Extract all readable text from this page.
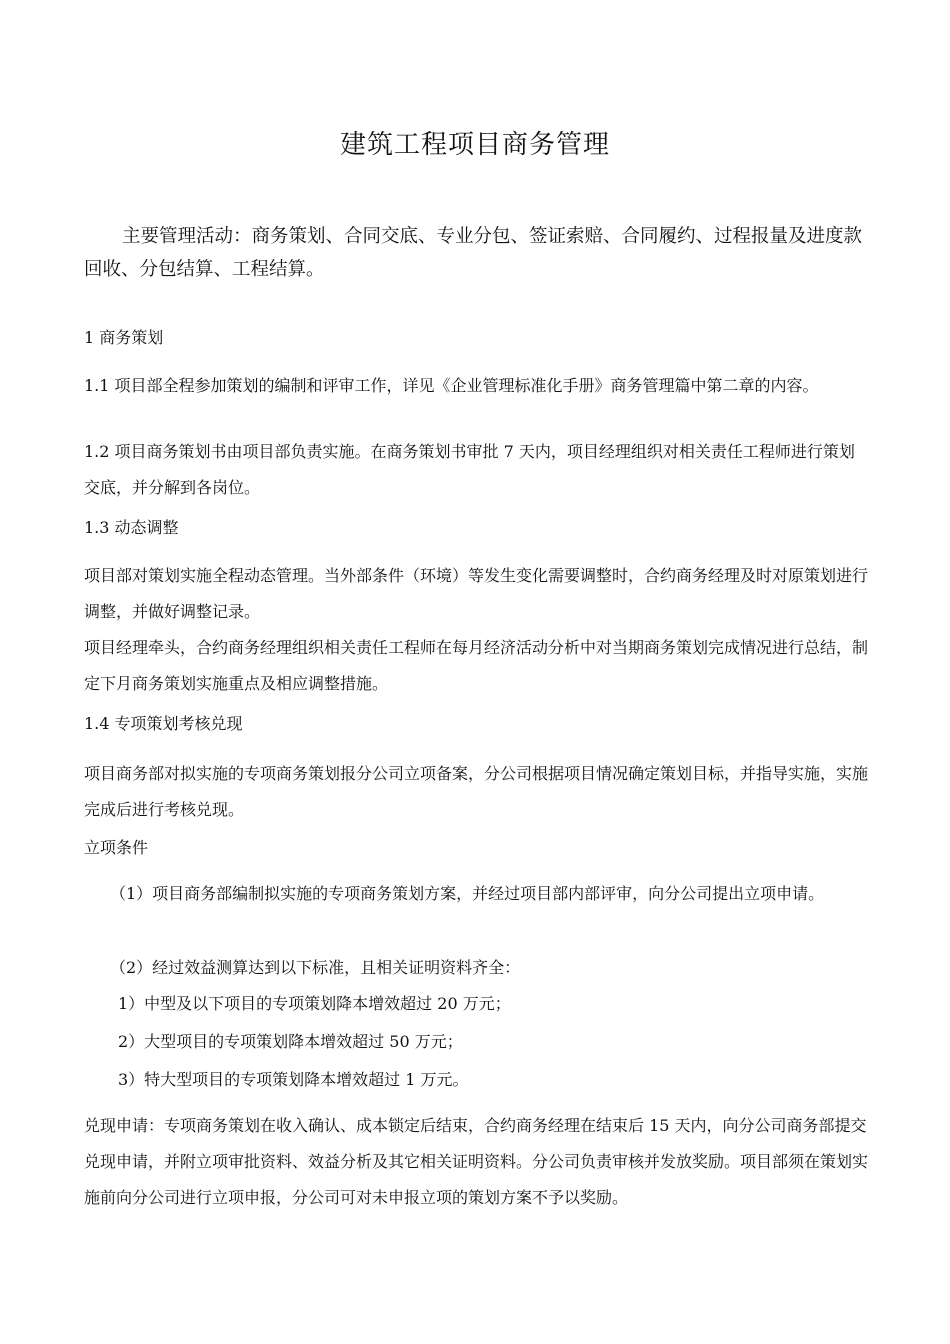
建筑工程项目商务管理
主要管理活动：商务策划、合同交底、专业分包、签证索赔、合同履约、过程报量及进度款回收、分包结算、工程结算。

1 商务策划

1.1 项目部全程参加策划的编制和评审工作，详见《企业管理标准化手册》商务管理篇中第二章的内容。

1.2 项目商务策划书由项目部负责实施。在商务策划书审批 7 天内，项目经理组织对相关责任工程师进行策划交底，并分解到各岗位。

1.3 动态调整

项目部对策划实施全程动态管理。当外部条件（环境）等发生变化需要调整时，合约商务经理及时对原策划进行调整，并做好调整记录。

项目经理牵头，合约商务经理组织相关责任工程师在每月经济活动分析中对当期商务策划完成情况进行总结，制定下月商务策划实施重点及相应调整措施。

1.4 专项策划考核兑现

项目商务部对拟实施的专项商务策划报分公司立项备案，分公司根据项目情况确定策划目标，并指导实施，实施完成后进行考核兑现。

立项条件

（1）项目商务部编制拟实施的专项商务策划方案，并经过项目部内部评审，向分公司提出立项申请。

（2）经过效益测算达到以下标准，且相关证明资料齐全：

1）中型及以下项目的专项策划降本增效超过 20 万元；

2）大型项目的专项策划降本增效超过 50 万元；

3）特大型项目的专项策划降本增效超过 1 万元。

兑现申请：专项商务策划在收入确认、成本锁定后结束，合约商务经理在结束后 15 天内，向分公司商务部提交兑现申请，并附立项审批资料、效益分析及其它相关证明资料。分公司负责审核并发放奖励。项目部须在策划实施前向分公司进行立项申报，分公司可对未申报立项的策划方案不予以奖励。
